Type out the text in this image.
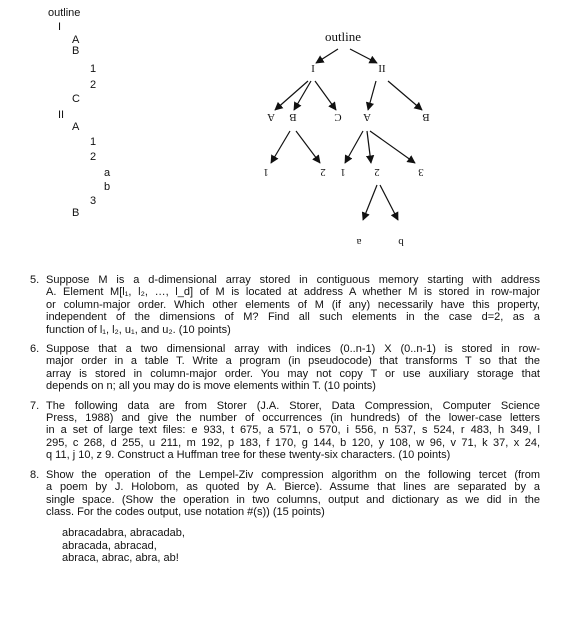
outline
I
A
B
1
2
C
II
A
1
2
a
b
3
B
outline
I	II
A B	C A	B
1	2 1	2	3
a	b
5. Suppose M is a d-dimensional array stored in contiguous memory starting with address
A. Element M[l₁, l₂, …, l_d] of M is located at address A whether M is stored in row-major
or column-major order. Which other elements of M (if any) necessarily have this property,
independent of the dimensions of M? Find all such elements in the case d=2, as a
function of l₁, l₂, u₁, and u₂. (10 points)
6. Suppose that a two dimensional array with indices (0..n-1) X (0..n-1) is stored in row-
major order in a table T. Write a program (in pseudocode) that transforms T so that the
array is stored in column-major order. You may not copy T or use auxiliary storage that
depends on n; all you may do is move elements within T. (10 points)
7. The following data are from Storer (J.A. Storer, Data Compression, Computer Science
Press, 1988) and give the number of occurrences (in hundreds) of the lower-case letters
in a set of large text files: e 933, t 675, a 571, o 570, i 556, n 537, s 524, r 483, h 349, l
295, c 268, d 255, u 211, m 192, p 183, f 170, g 144, b 120, y 108, w 96, v 71, k 37, x 24,
q 11, j 10, z 9. Construct a Huffman tree for these twenty-six characters. (10 points)
8. Show the operation of the Lempel-Ziv compression algorithm on the following tercet (from
a poem by J. Holobom, as quoted by A. Bierce). Assume that lines are separated by a
single space. (Show the operation in two columns, output and dictionary as we did in the
class. For the codes output, use notation #(s)) (15 points)
abracadabra, abracadab,
abracada, abracad,
abraca, abrac, abra, ab!
